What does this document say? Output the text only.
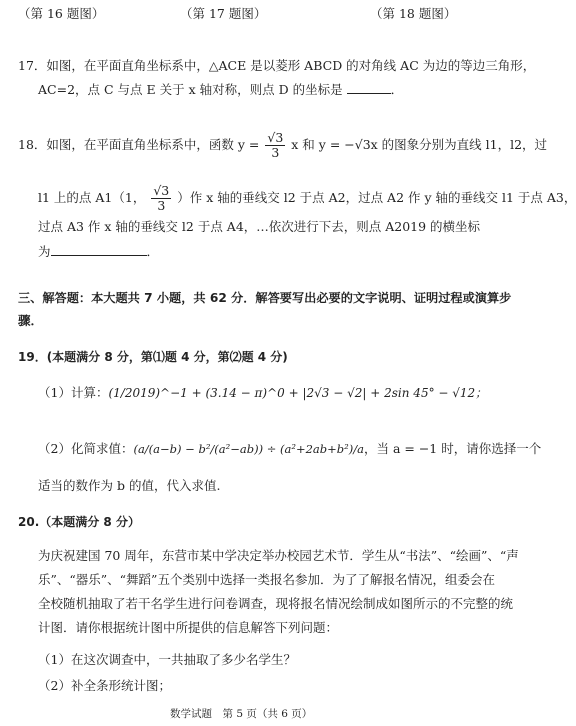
（第 16 题图）	（第 17 题图）	（第 18 题图）
17．如图，在平面直角坐标系中，△ACE 是以菱形 ABCD 的对角线 AC 为边的等边三角形，
AC=2，点 C 与点 E 关于 x 轴对称，则点 D 的坐标是	．
18．如图，在平面直角坐标系中，函数 $y = \frac{√3}{3}$ x 和 y = −√3x 的图象分别为直线 l1，l2，过
l1 上的点 A1（1， $\frac{√3}{3}$ ）作 x 轴的垂线交 l2 于点 A2，过点 A2 作 y 轴的垂线交 l1 于点 A3，
过点 A3 作 x 轴的垂线交 l2 于点 A4，…依次进行下去，则点 A2019 的横坐标
为	．
三、解答题：本大题共 7 小题，共 62 分．解答要写出必要的文字说明、证明过程或演算步
骤．
19．(本题满分 8 分，第⑴题 4 分，第⑵题 4 分)
（1）计算：(1/2019)^−1 + (3.14 − π)^0 + |2√3 − √2| + 2sin 45° − √12；
（2）化简求值：(a/(a−b) − b²/(a²−ab)) ÷ (a²+2ab+b²)/a，当 a = −1 时，请你选择一个
适当的数作为 b 的值，代入求值.
20.（本题满分 8 分）
为庆祝建国 70 周年，东营市某中学决定举办校园艺术节．学生从“书法”、“绘画”、“声
乐”、“器乐”、“舞蹈”五个类别中选择一类报名参加．为了了解报名情况，组委会在
全校随机抽取了若干名学生进行问卷调查，现将报名情况绘制成如图所示的不完整的统
计图．请你根据统计图中所提供的信息解答下列问题：
（1）在这次调查中，一共抽取了多少名学生？
（2）补全条形统计图；
数学试题　第 5 页（共 6 页）
